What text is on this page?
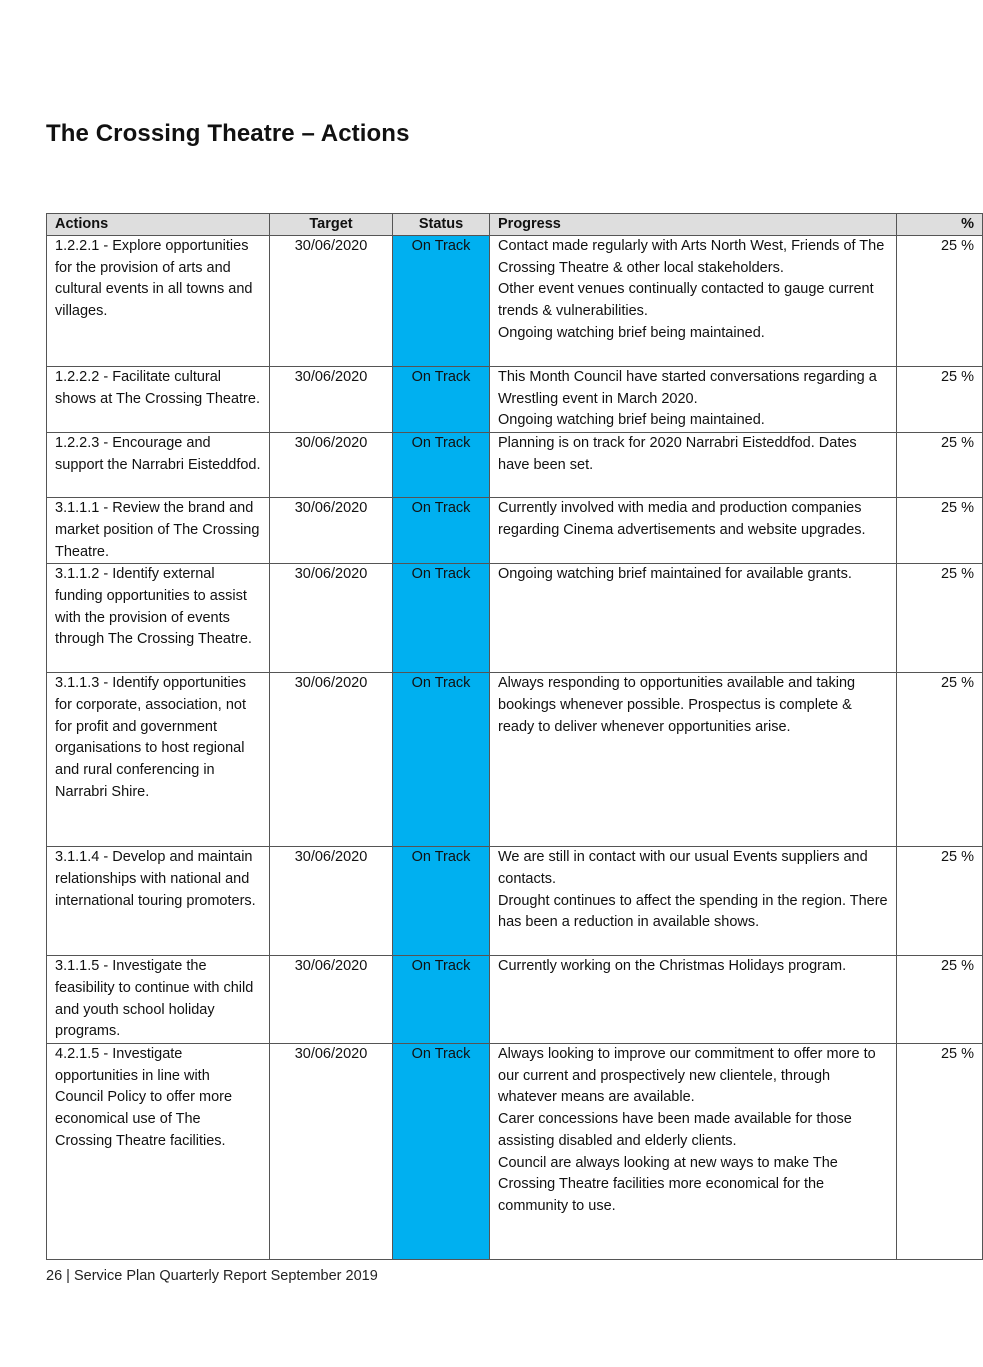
The Crossing Theatre – Actions
Actions	Target	Status	Progress	%
1.2.2.1 - Explore opportunities for the provision of arts and cultural events in all towns and villages.	30/06/2020	On Track	Contact made regularly with Arts North West, Friends of The Crossing Theatre & other local stakeholders.
Other event venues continually contacted to gauge current trends & vulnerabilities.
Ongoing watching brief being maintained.	25 %
1.2.2.2 - Facilitate cultural shows at The Crossing Theatre.	30/06/2020	On Track	This Month Council have started conversations regarding a Wrestling event in March 2020.
Ongoing watching brief being maintained.	25 %
1.2.2.3 - Encourage and support the Narrabri Eisteddfod.	30/06/2020	On Track	Planning is on track for 2020 Narrabri Eisteddfod. Dates have been set.	25 %
3.1.1.1 - Review the brand and market position of The Crossing Theatre.	30/06/2020	On Track	Currently involved with media and production companies regarding Cinema advertisements and website upgrades.	25 %
3.1.1.2 - Identify external funding opportunities to assist with the provision of events through The Crossing Theatre.	30/06/2020	On Track	Ongoing watching brief maintained for available grants.	25 %
3.1.1.3 - Identify opportunities for corporate, association, not for profit and government organisations to host regional and rural conferencing in Narrabri Shire.	30/06/2020	On Track	Always responding to opportunities available and taking bookings whenever possible. Prospectus is complete & ready to deliver whenever opportunities arise.	25 %
3.1.1.4 - Develop and maintain relationships with national and international touring promoters.	30/06/2020	On Track	We are still in contact with our usual Events suppliers and contacts.
Drought continues to affect the spending in the region. There has been a reduction in available shows.	25 %
3.1.1.5 - Investigate the feasibility to continue with child and youth school holiday programs.	30/06/2020	On Track	Currently working on the Christmas Holidays program.	25 %
4.2.1.5 - Investigate opportunities in line with Council Policy to offer more economical use of The Crossing Theatre facilities.	30/06/2020	On Track	Always looking to improve our commitment to offer more to our current and prospectively new clientele, through whatever means are available.
Carer concessions have been made available for those assisting disabled and elderly clients.
Council are always looking at new ways to make The Crossing Theatre facilities more economical for the community to use.	25 %
26 | Service Plan Quarterly Report September 2019
